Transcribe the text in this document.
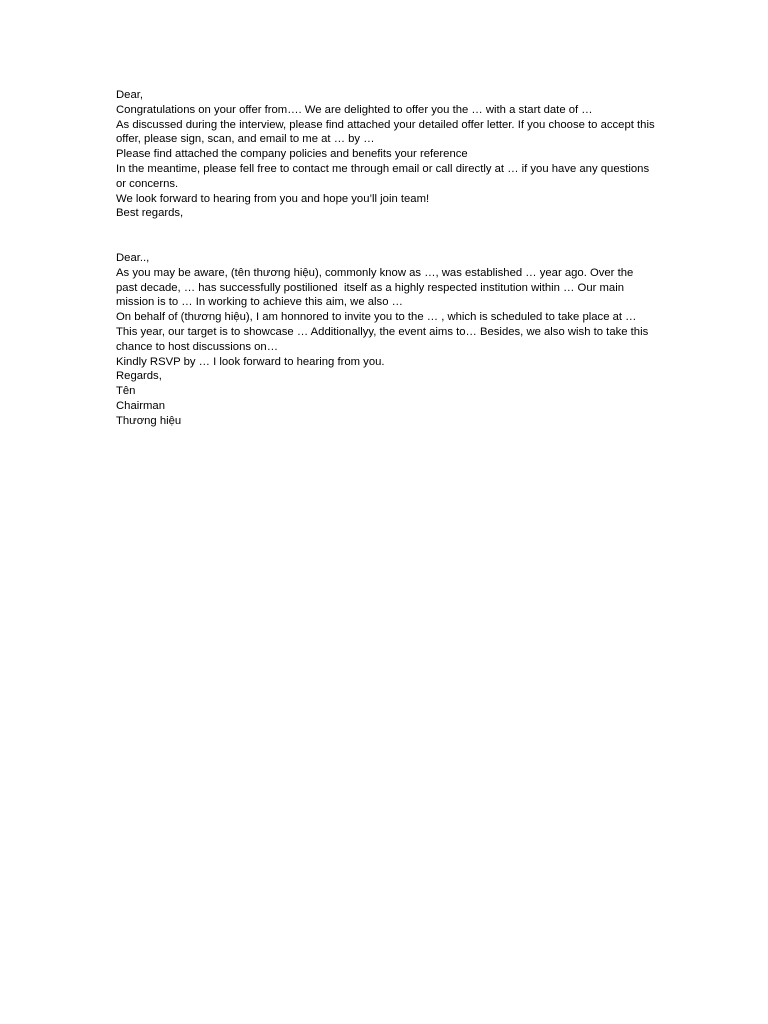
Dear,

Congratulations on your offer from…. We are delighted to offer you the … with a start date of …

As discussed during the interview, please find attached your detailed offer letter. If you choose to accept this offer, please sign, scan, and email to me at … by …

Please find attached the company policies and benefits your reference

In the meantime, please fell free to contact me through email or call directly at … if you have any questions or concerns.

We look forward to hearing from you and hope you’ll join team!

Best regards,

Dear..,

As you may be aware, (tên thương hiệu), commonly know as …, was established … year ago. Over the past decade, … has successfully postilioned  itself as a highly respected institution within … Our main mission is to … In working to achieve this aim, we also …

On behalf of (thương hiệu), I am honnored to invite you to the … , which is scheduled to take place at …

This year, our target is to showcase … Additionallyy, the event aims to… Besides, we also wish to take this chance to host discussions on…

Kindly RSVP by … I look forward to hearing from you.

Regards,

Tên

Chairman

Thương hiệu
